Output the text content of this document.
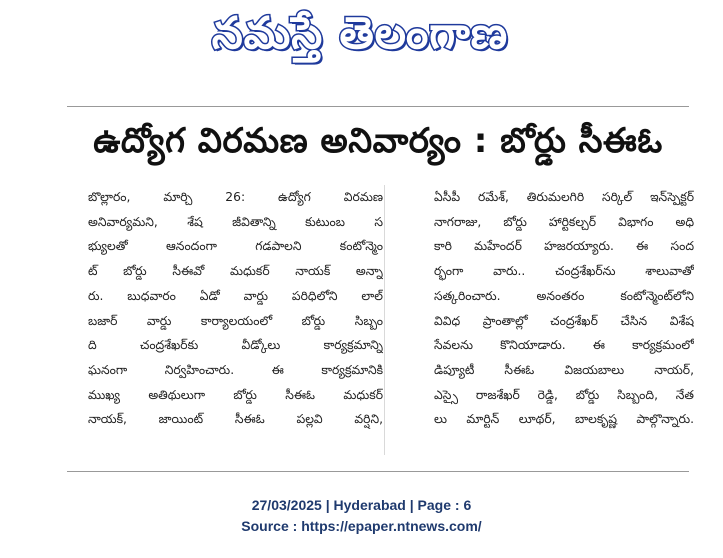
నమస్తే తెలంగాణ
ఉద్యోగ విరమణ అనివార్యం : బోర్డు సీఈఓ
బొల్లారం, మార్చి 26: ఉద్యోగ విరమణ
అనివార్యమని, శేష జీవితాన్ని కుటుంబ స
భ్యులతో ఆనందంగా గడపాలని కంటోన్మెం
ట్ బోర్డు సీఈవో మధుకర్ నాయక్ అన్నా
రు. బుధవారం ఏడో వార్డు పరిధిలోని లాల్
బజార్ వార్డు కార్యాలయంలో బోర్డు సిబ్బం
ది చంద్రశేఖర్‌కు వీడ్కోలు కార్యక్రమాన్ని
ఘనంగా నిర్వహించారు. ఈ కార్యక్రమానికి
ముఖ్య అతిథులుగా బోర్డు సీఈఓ మధుకర్
నాయక్, జాయింట్ సీఈఓ పల్లవి వర్షిని,
ఏసీపీ రమేశ్, తిరుమలగిరి సర్కిల్ ఇన్‌స్పెక్టర్
నాగరాజు, బోర్డు హార్టికల్చర్ విభాగం అధి
కారి మహేందర్ హజరయ్యారు. ఈ సంద
ర్భంగా వారు.. చంద్రశేఖర్‌ను శాలువాతో
సత్కరించారు. అనంతరం కంటోన్మెంట్‌లోని
వివిధ ప్రాంతాల్లో చంద్రశేఖర్ చేసిన విశేష
సేవలను కొనియాడారు. ఈ కార్యక్రమంలో
డిప్యూటీ సీఈఓ విజయబాలు నాయర్,
ఎస్సై రాజశేఖర్ రెడ్డి, బోర్డు సిబ్బంది, నేత
లు మార్టిన్ లూథర్, బాలకృష్ణ పాల్గొన్నారు.
27/03/2025 | Hyderabad | Page : 6
Source : https://epaper.ntnews.com/
